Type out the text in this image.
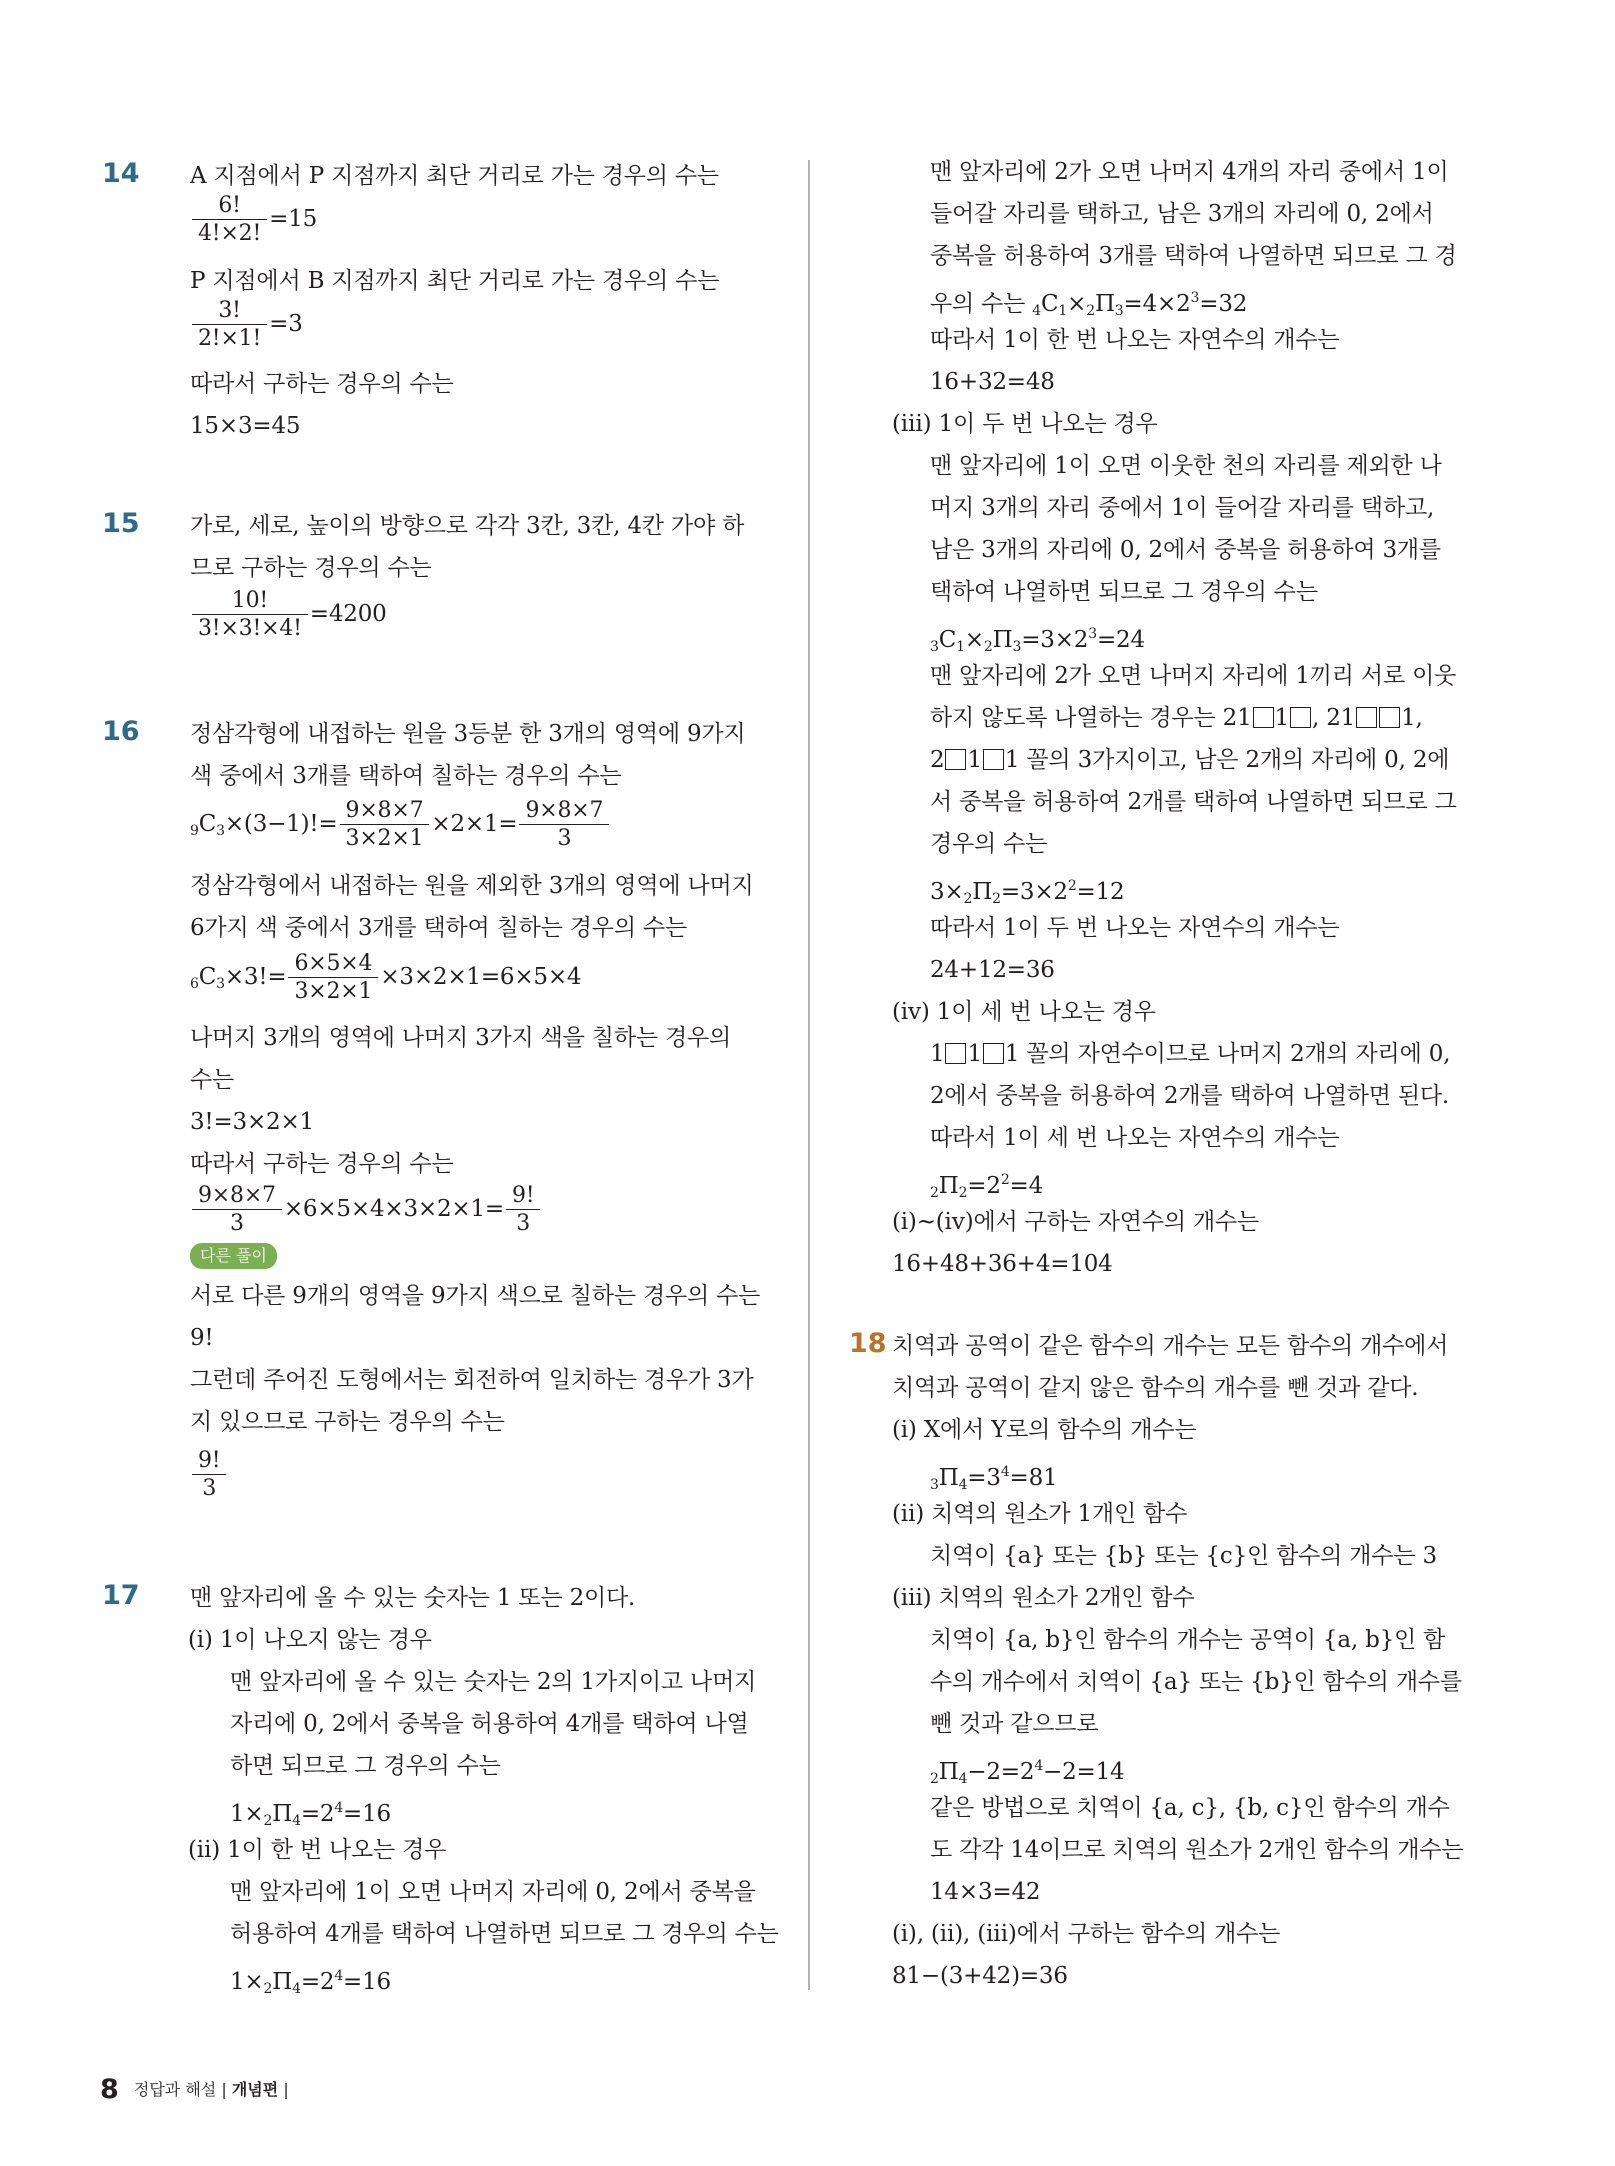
14 A 지점에서 P 지점까지 최단 거리로 가는 경우의 수는
$\frac{6!}{4!\times 2!} =15$
P 지점에서 B 지점까지 최단 거리로 가는 경우의 수는
$\frac{3!}{2!\times 1!} =3$
따라서 구하는 경우의 수는
15×3=45
15 가로, 세로, 높이의 방향으로 각각 3칸, 3칸, 4칸 가야 하
므로 구하는 경우의 수는
$\frac{10!}{3!\times 3!\times 4!} =4200$
16 정삼각형에 내접하는 원을 3등분 한 3개의 영역에 9가지
색 중에서 3개를 택하여 칠하는 경우의 수는
$_9C_3\times(3-1)!= \frac{9\times 8\times 7}{3\times 2\times 1} \times 2\times 1= \frac{9\times 8\times 7}{3}$
정삼각형에서 내접하는 원을 제외한 3개의 영역에 나머지
6가지 색 중에서 3개를 택하여 칠하는 경우의 수는
$_6C_3\times 3!= \frac{6\times 5\times 4}{3\times 2\times 1} \times 3\times 2\times 1=6\times 5\times 4$
나머지 3개의 영역에 나머지 3가지 색을 칠하는 경우의
수는
3!=3×2×1
따라서 구하는 경우의 수는
$\frac{9\times 8\times 7}{3} \times 6\times 5\times 4\times 3\times 2\times 1= \frac{9!}{3}$
다른 풀이
서로 다른 9개의 영역을 9가지 색으로 칠하는 경우의 수는
9!
그런데 주어진 도형에서는 회전하여 일치하는 경우가 3가
지 있으므로 구하는 경우의 수는
$\frac{9!}{3}$
17 맨 앞자리에 올 수 있는 숫자는 1 또는 2이다.
(ⅰ) 1이 나오지 않는 경우
맨 앞자리에 올 수 있는 숫자는 2의 1가지이고 나머지
자리에 0, 2에서 중복을 허용하여 4개를 택하여 나열
하면 되므로 그 경우의 수는
$1\times_2\Pi_4=2^4=16$
(ⅱ) 1이 한 번 나오는 경우
맨 앞자리에 1이 오면 나머지 자리에 0, 2에서 중복을
허용하여 4개를 택하여 나열하면 되므로 그 경우의 수는
$1\times_2\Pi_4=2^4=16$
맨 앞자리에 2가 오면 나머지 4개의 자리 중에서 1이
들어갈 자리를 택하고, 남은 3개의 자리에 0, 2에서
중복을 허용하여 3개를 택하여 나열하면 되므로 그 경
우의 수는 $_4C_1\times_2\Pi_3=4\times 2^3=32$
따라서 1이 한 번 나오는 자연수의 개수는
16+32=48
(ⅲ) 1이 두 번 나오는 경우
맨 앞자리에 1이 오면 이웃한 천의 자리를 제외한 나
머지 3개의 자리 중에서 1이 들어갈 자리를 택하고,
남은 3개의 자리에 0, 2에서 중복을 허용하여 3개를
택하여 나열하면 되므로 그 경우의 수는
$_3C_1\times_2\Pi_3=3\times 2^3=24$
맨 앞자리에 2가 오면 나머지 자리에 1끼리 서로 이웃
하지 않도록 나열하는 경우는 21 1 , 21 1,
2 1 1 꼴의 3가지이고, 남은 2개의 자리에 0, 2에
서 중복을 허용하여 2개를 택하여 나열하면 되므로 그
경우의 수는
$3\times_2\Pi_2=3\times 2^2=12$
따라서 1이 두 번 나오는 자연수의 개수는
24+12=36
(ⅳ) 1이 세 번 나오는 경우
1 1 1 꼴의 자연수이므로 나머지 2개의 자리에 0,
2에서 중복을 허용하여 2개를 택하여 나열하면 된다.
따라서 1이 세 번 나오는 자연수의 개수는
$_2\Pi_2=2^2=4$
(ⅰ)~(ⅳ)에서 구하는 자연수의 개수는
16+48+36+4=104
18 치역과 공역이 같은 함수의 개수는 모든 함수의 개수에서
치역과 공역이 같지 않은 함수의 개수를 뺀 것과 같다.
(ⅰ) X에서 Y로의 함수의 개수는
$_3\Pi_4=3^4=81$
(ⅱ) 치역의 원소가 1개인 함수
치역이 {a} 또는 {b} 또는 {c}인 함수의 개수는 3
(ⅲ) 치역의 원소가 2개인 함수
치역이 {a, b}인 함수의 개수는 공역이 {a, b}인 함
수의 개수에서 치역이 {a} 또는 {b}인 함수의 개수를
뺀 것과 같으므로
$_2\Pi_4-2=2^4-2=14$
같은 방법으로 치역이 {a, c}, {b, c}인 함수의 개수
도 각각 14이므로 치역의 원소가 2개인 함수의 개수는
14×3=42
(ⅰ), (ⅱ), (ⅲ)에서 구하는 함수의 개수는
81−(3+42)=36
8 정답과 해설 | 개념편 |
